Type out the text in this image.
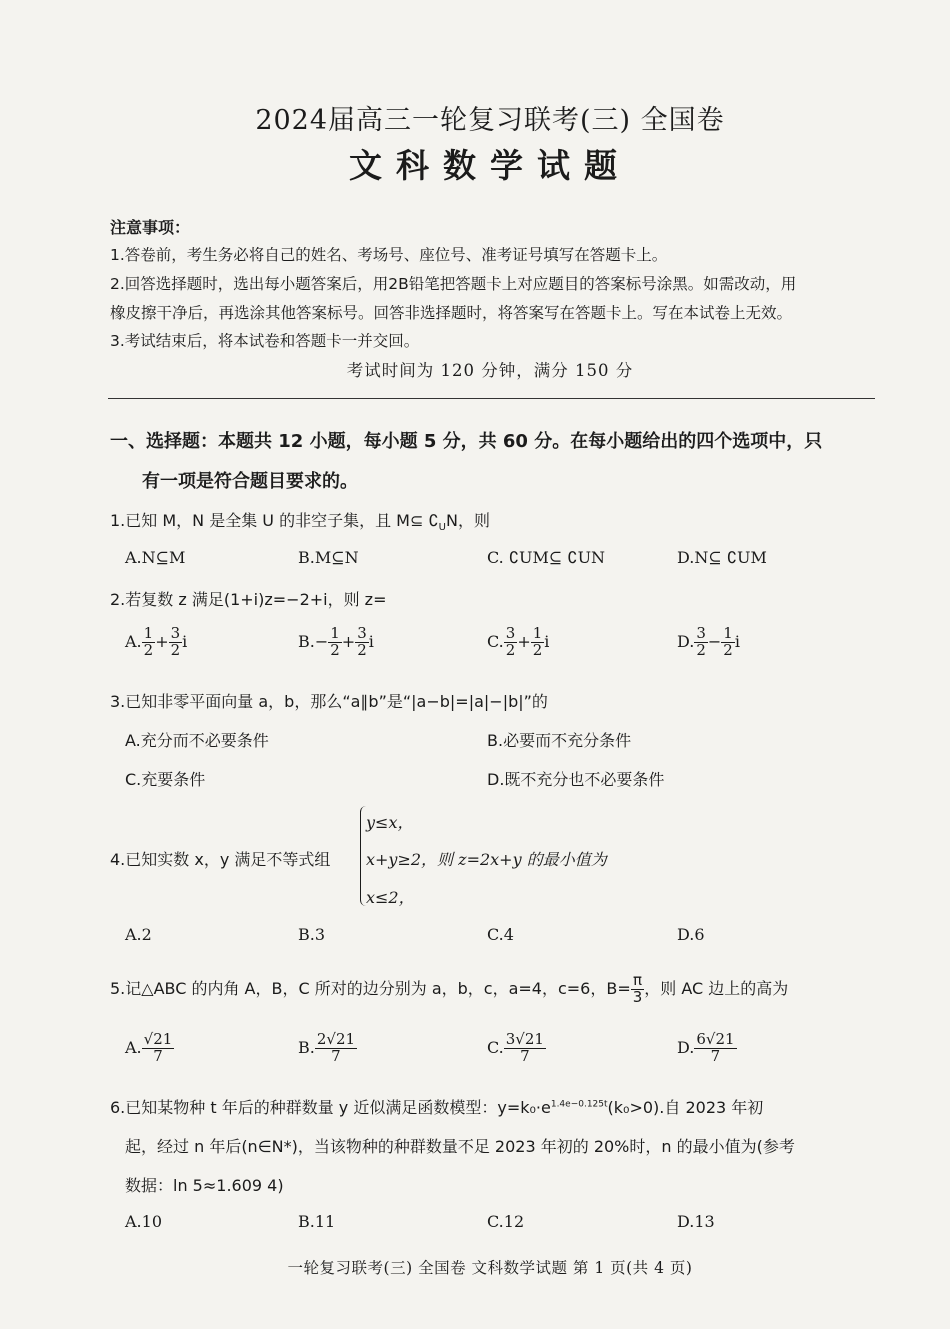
2024届高三一轮复习联考(三) 全国卷
文科数学试题
注意事项：
1.答卷前，考生务必将自己的姓名、考场号、座位号、准考证号填写在答题卡上。
2.回答选择题时，选出每小题答案后，用2B铅笔把答题卡上对应题目的答案标号涂黑。如需改动，用
橡皮擦干净后，再选涂其他答案标号。回答非选择题时，将答案写在答题卡上。写在本试卷上无效。
3.考试结束后，将本试卷和答题卡一并交回。
考试时间为 120 分钟，满分 150 分
一、选择题：本题共 12 小题，每小题 5 分，共 60 分。在每小题给出的四个选项中，只
有一项是符合题目要求的。
1.已知 M，N 是全集 U 的非空子集，且 M⊆ $∁_UN$，则
A.N⊆M	B.M⊆N	C. ∁UM⊆ ∁UN	D.N⊆ ∁UM
2.若复数 z 满足(1+i)z=−2+i，则 z=
A. $\frac{1}{2} + \frac{3}{2}$ i	$B.- \frac{1}{2} + \frac{3}{2}$ i	C. $\frac{3}{2} + \frac{1}{2}$ i	D. $\frac{3}{2} - \frac{1}{2}$ i
3.已知非零平面向量 a，b，那么“a∥b”是“|a−b|=|a|−|b|”的
A.充分而不必要条件	B.必要而不充分条件
C.充要条件	D.既不充分也不必要条件
4.已知实数 x，y 满足不等式组
y≤x，
x+y≥2，则 z=2x+y 的最小值为
x≤2，
A.2	B.3	C.4	D.6
5.记△ABC 的内角 A，B，C 所对的边分别为 a，b，c，a=4，c=6，$B= \frac{\pi}{3}$ ，则 AC 边上的高为
A. $\frac{√21}{7}$	B. $\frac{2√21}{7}$	C. $\frac{3√21}{7}$	D. $\frac{6√21}{7}$
6.已知某物种 t 年后的种群数量 y 近似满足函数模型：$y=k_0\cdot e^{1.4e-0.125t}(k_0>0)$.自 2023 年初
起，经过 n 年后(n∈N*)，当该物种的种群数量不足 2023 年初的 20%时，n 的最小值为(参考
数据：ln 5≈1.609 4)
A.10	B.11	C.12	D.13
一轮复习联考(三) 全国卷 文科数学试题 第 1 页(共 4 页)
